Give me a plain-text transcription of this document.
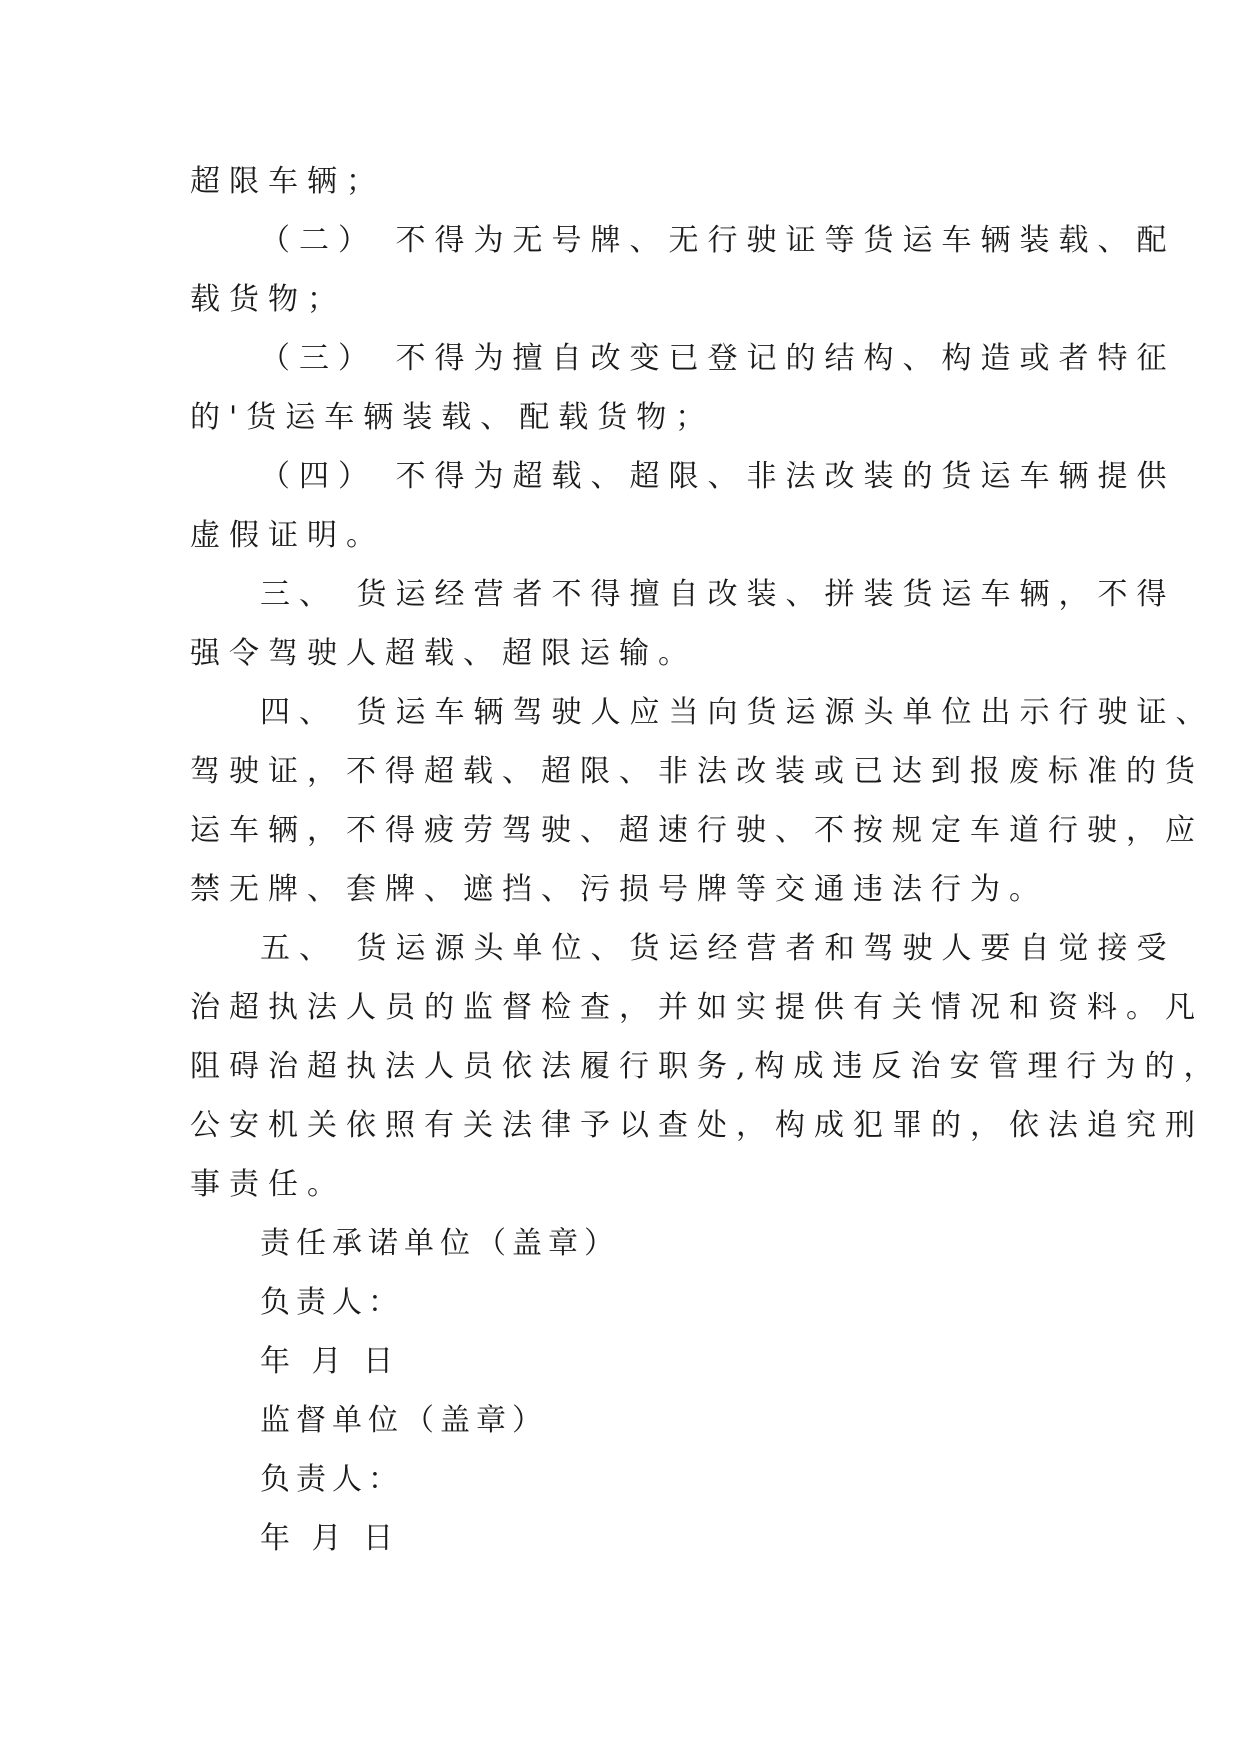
超限车辆；
（二） 不得为无号牌、无行驶证等货运车辆装载、配
载货物；
（三） 不得为擅自改变已登记的结构、构造或者特征
的'货运车辆装载、配载货物；
（四） 不得为超载、超限、非法改装的货运车辆提供
虚假证明。
三、 货运经营者不得擅自改装、拼装货运车辆，不得
强令驾驶人超载、超限运输。
四、 货运车辆驾驶人应当向货运源头单位出示行驶证、
驾驶证，不得超载、超限、非法改装或已达到报废标准的货
运车辆，不得疲劳驾驶、超速行驶、不按规定车道行驶，应
禁无牌、套牌、遮挡、污损号牌等交通违法行为。
五、 货运源头单位、货运经营者和驾驶人要自觉接受
治超执法人员的监督检查，并如实提供有关情况和资料。凡
阻碍治超执法人员依法履行职务,构成违反治安管理行为的，
公安机关依照有关法律予以查处，构成犯罪的，依法追究刑
事责任。
责任承诺单位（盖章）
负责人：
年 月 日
监督单位（盖章）
负责人：
年 月 日
